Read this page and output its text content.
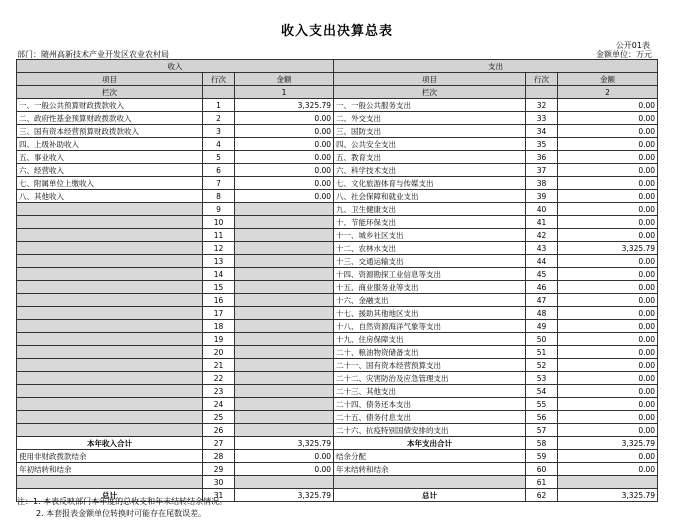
收入支出决算总表
公开01表
部门：随州高新技术产业开发区农业农村局	金额单位：万元
收入			支出		
项目	行次	金额	项目	行次	金额
栏次		1	栏次		2
一、一般公共预算财政拨款收入	1	3,325.79	一、一般公共服务支出	32	0.00
二、政府性基金预算财政拨款收入	2	0.00	二、外交支出	33	0.00
三、国有资本经营预算财政拨款收入	3	0.00	三、国防支出	34	0.00
四、上级补助收入	4	0.00	四、公共安全支出	35	0.00
五、事业收入	5	0.00	五、教育支出	36	0.00
六、经营收入	6	0.00	六、科学技术支出	37	0.00
七、附属单位上缴收入	7	0.00	七、文化旅游体育与传媒支出	38	0.00
八、其他收入	8	0.00	八、社会保障和就业支出	39	0.00
	9		九、卫生健康支出	40	0.00
	10		十、节能环保支出	41	0.00
	11		十一、城乡社区支出	42	0.00
	12		十二、农林水支出	43	3,325.79
	13		十三、交通运输支出	44	0.00
	14		十四、资源勘探工业信息等支出	45	0.00
	15		十五、商业服务业等支出	46	0.00
	16		十六、金融支出	47	0.00
	17		十七、援助其他地区支出	48	0.00
	18		十八、自然资源海洋气象等支出	49	0.00
	19		十九、住房保障支出	50	0.00
	20		二十、粮油物资储备支出	51	0.00
	21		二十一、国有资本经营预算支出	52	0.00
	22		二十二、灾害防治及应急管理支出	53	0.00
	23		二十三、其他支出	54	0.00
	24		二十四、债务还本支出	55	0.00
	25		二十五、债务付息支出	56	0.00
	26		二十六、抗疫特别国债安排的支出	57	0.00
本年收入合计	27	3,325.79	本年支出合计	58	3,325.79
使用非财政拨款结余	28	0.00	结余分配	59	0.00
年初结转和结余	29	0.00	年末结转和结余	60	0.00
	30			61	
总计	31	3,325.79	总计	62	3,325.79
注：1. 本表反映部门本年度的总收支和年末结转结余情况。
2. 本套报表金额单位转换时可能存在尾数误差。
